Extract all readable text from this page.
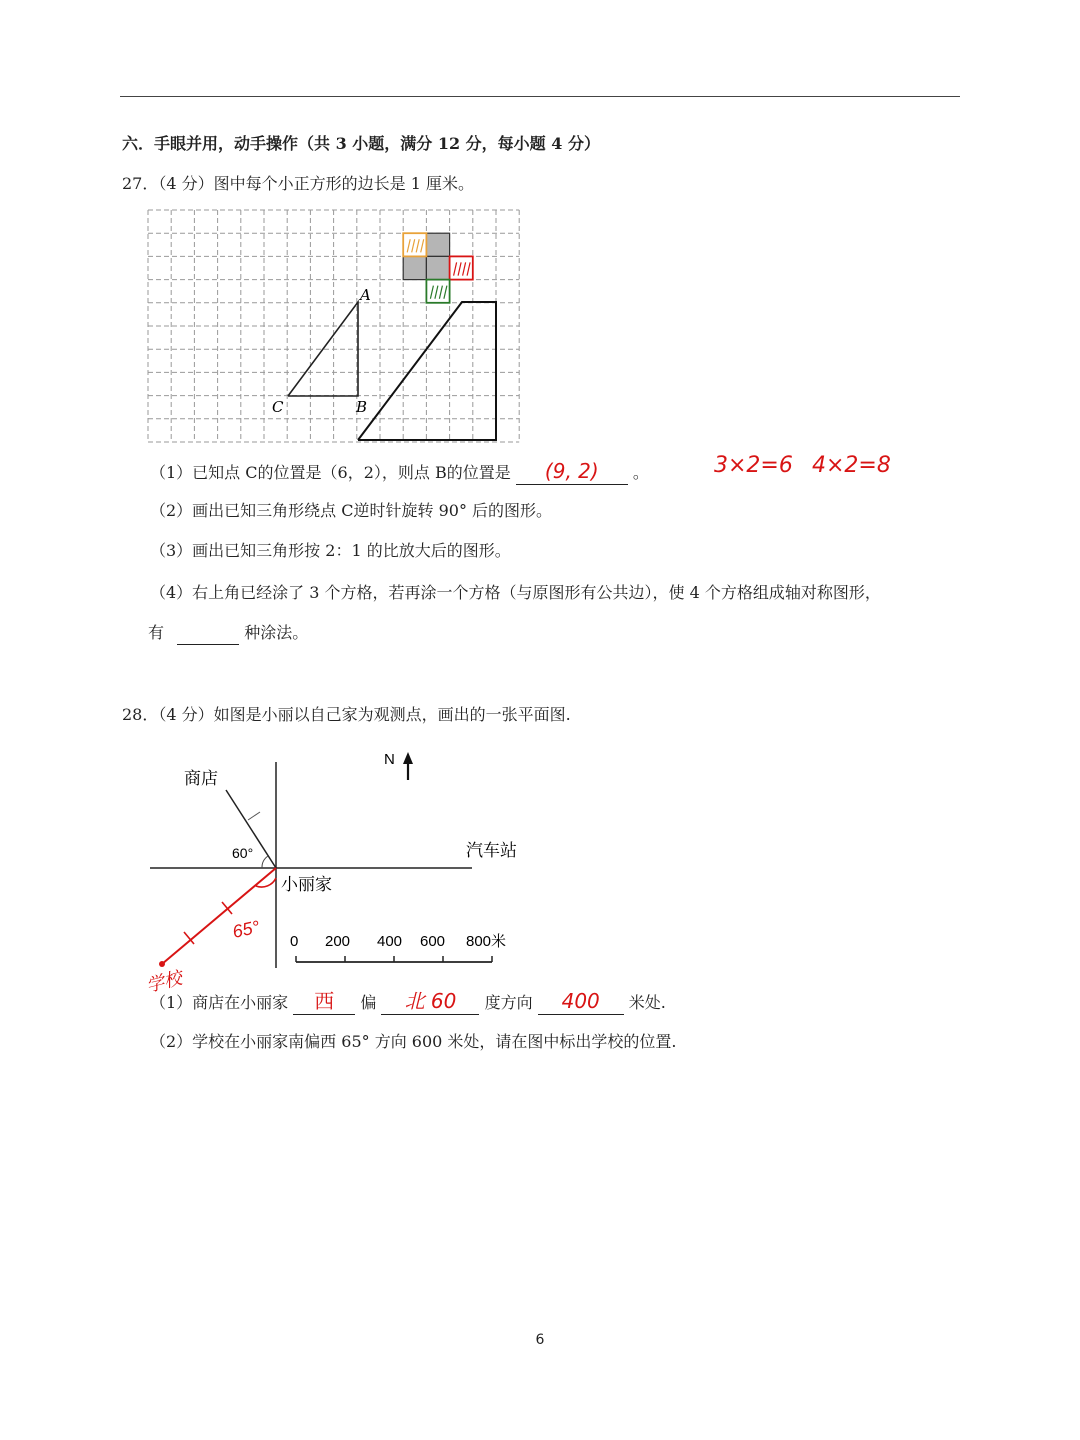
六．手眼并用，动手操作（共 3 小题，满分 12 分，每小题 4 分）
27．（4 分）图中每个小正方形的边长是 1 厘米。
A
C	B
（1）已知点 C的位置是（6，2），则点 B的位置是 (9, 2) 。	3×2=6 4×2=8
（2）画出已知三角形绕点 C逆时针旋转 90° 后的图形。
（3）画出已知三角形按 2：1 的比放大后的图形。
（4）右上角已经涂了 3 个方格，若再涂一个方格（与原图形有公共边），使 4 个方格组成轴对称图形，
有	种涂法。
28．（4 分）如图是小丽以自己家为观测点，画出的一张平面图.
N
商店
汽车站
60°
小丽家
65°
学校
0 200 400 600 800米
（1）商店在小丽家 西 偏 北 60 度方向 400 米处.
（2）学校在小丽家南偏西 65° 方向 600 米处，请在图中标出学校的位置.
6
